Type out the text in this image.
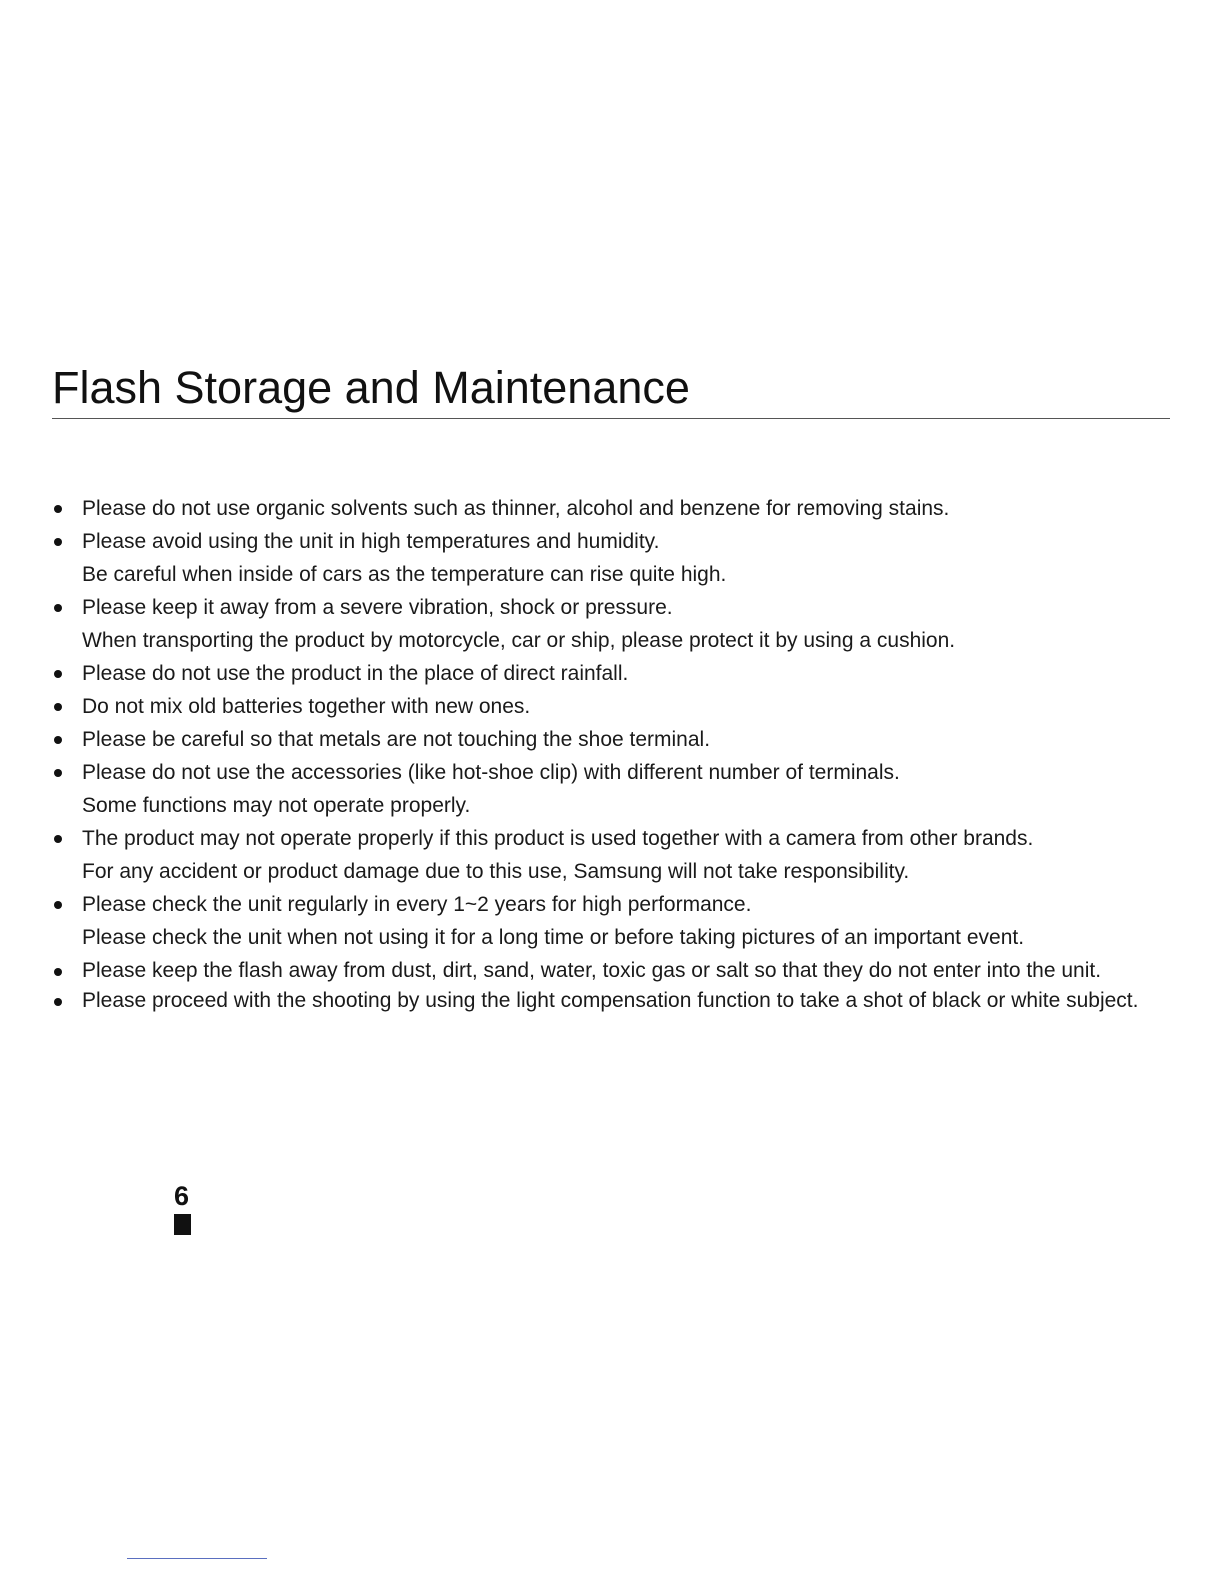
Flash Storage and Maintenance
Please do not use organic solvents such as thinner, alcohol and benzene for removing stains.
Please avoid using the unit in high temperatures and humidity.
Be careful when inside of cars as the temperature can rise quite high.
Please keep it away from a severe vibration, shock or pressure.
When transporting the product by motorcycle, car or ship, please protect it by using a cushion.
Please do not use the product in the place of direct rainfall.
Do not mix old batteries together with new ones.
Please be careful so that metals are not touching the shoe terminal.
Please do not use the accessories (like hot-shoe clip) with different number of terminals.
Some functions may not operate properly.
The product may not operate properly if this product is used together with a camera from other brands.
For any accident or product damage due to this use, Samsung will not take responsibility.
Please check the unit regularly in every 1~2 years for high performance.
Please check the unit when not using it for a long time or before taking pictures of an important event.
Please keep the flash away from dust, dirt, sand, water, toxic gas or salt so that they do not enter into the unit.
Please proceed with the shooting by using the light compensation function to take a shot of black or white subject.
6
